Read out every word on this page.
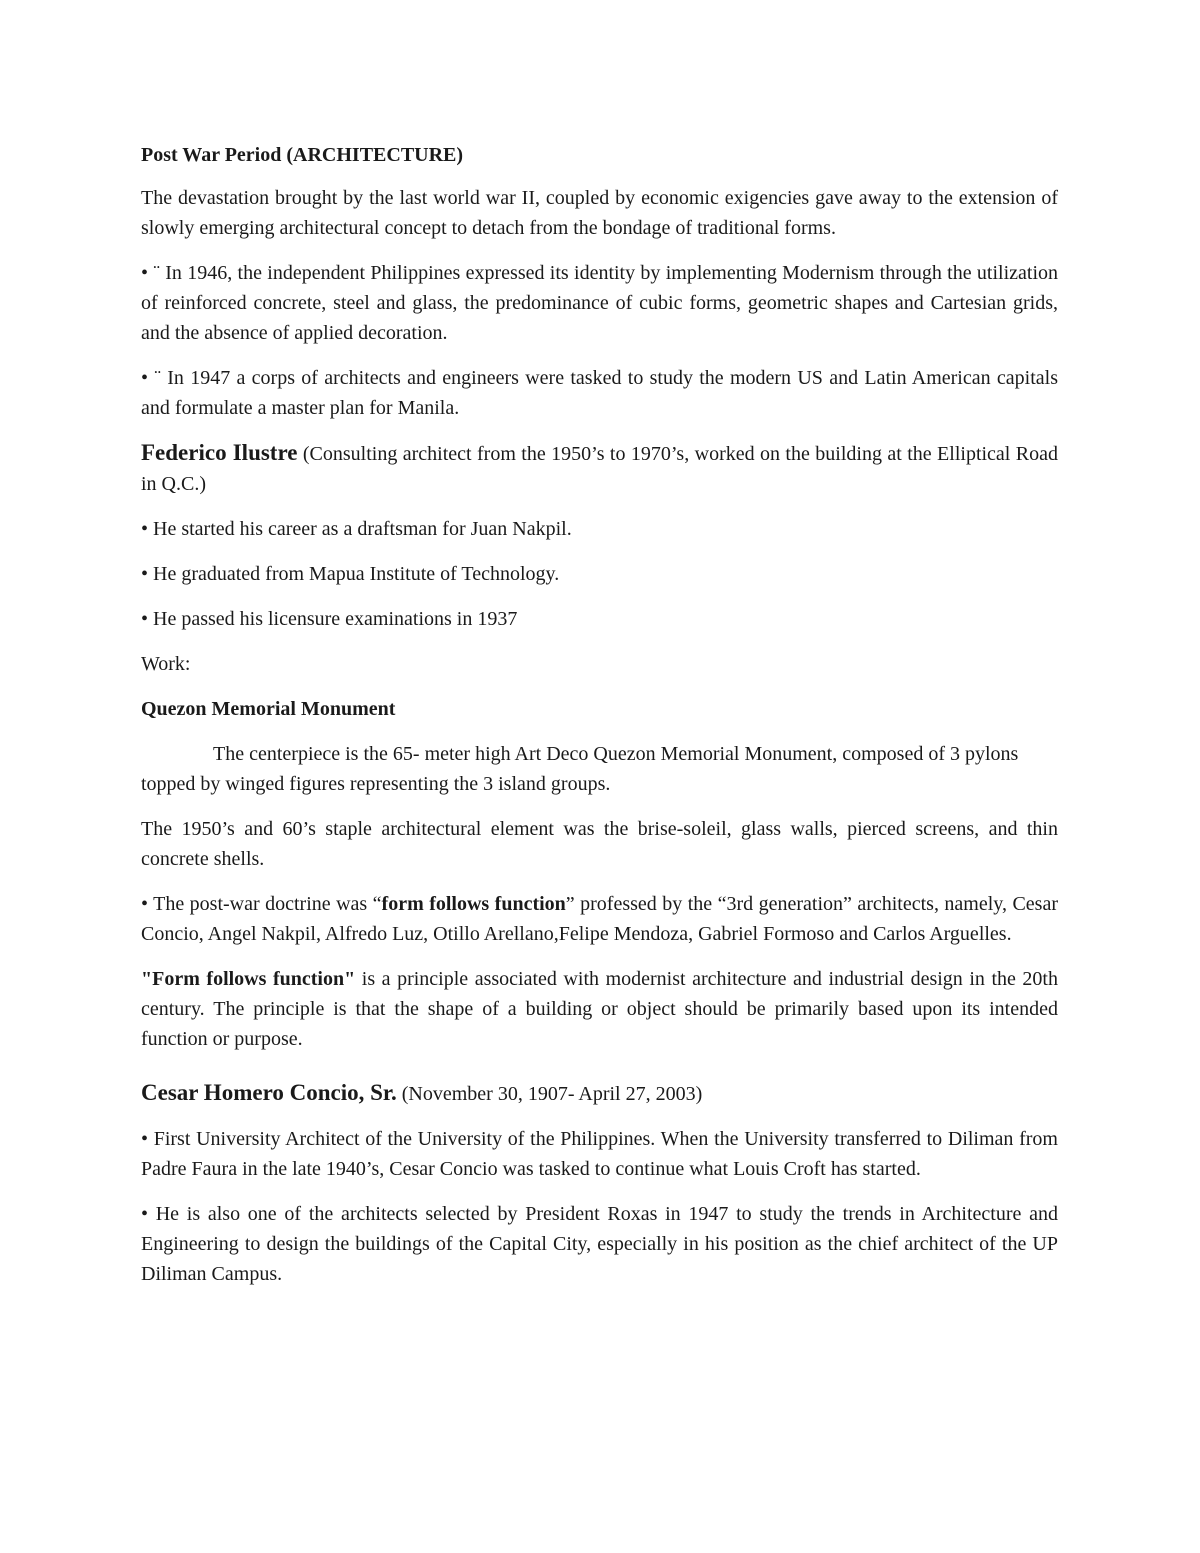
Post War Period (ARCHITECTURE)

The devastation brought by the last world war II, coupled by economic exigencies gave away to the extension of slowly emerging architectural concept to detach from the bondage of traditional forms.

• ¨ In 1946, the independent Philippines expressed its identity by implementing Modernism through the utilization of reinforced concrete, steel and glass, the predominance of cubic forms, geometric shapes and Cartesian grids, and the absence of applied decoration.

• ¨ In 1947 a corps of architects and engineers were tasked to study the modern US and Latin American capitals and formulate a master plan for Manila.

Federico Ilustre (Consulting architect from the 1950’s to 1970’s, worked on the building at the Elliptical Road in Q.C.)

• He started his career as a draftsman for Juan Nakpil.

• He graduated from Mapua Institute of Technology.

• He passed his licensure examinations in 1937

Work:

Quezon Memorial Monument

The centerpiece is the 65- meter high Art Deco Quezon Memorial Monument, composed of 3 pylons topped by winged figures representing the 3 island groups.

The 1950’s and 60’s staple architectural element was the brise-soleil, glass walls, pierced screens, and thin concrete shells.

• The post-war doctrine was “form follows function” professed by the “3rd generation” architects, namely, Cesar Concio, Angel Nakpil, Alfredo Luz, Otillo Arellano,Felipe Mendoza, Gabriel Formoso and Carlos Arguelles.

"Form follows function" is a principle associated with modernist architecture and industrial design in the 20th century. The principle is that the shape of a building or object should be primarily based upon its intended function or purpose.

Cesar Homero Concio, Sr. (November 30, 1907- April 27, 2003)

• First University Architect of the University of the Philippines. When the University transferred to Diliman from Padre Faura in the late 1940’s, Cesar Concio was tasked to continue what Louis Croft has started.

• He is also one of the architects selected by President Roxas in 1947 to study the trends in Architecture and Engineering to design the buildings of the Capital City, especially in his position as the chief architect of the UP Diliman Campus.
